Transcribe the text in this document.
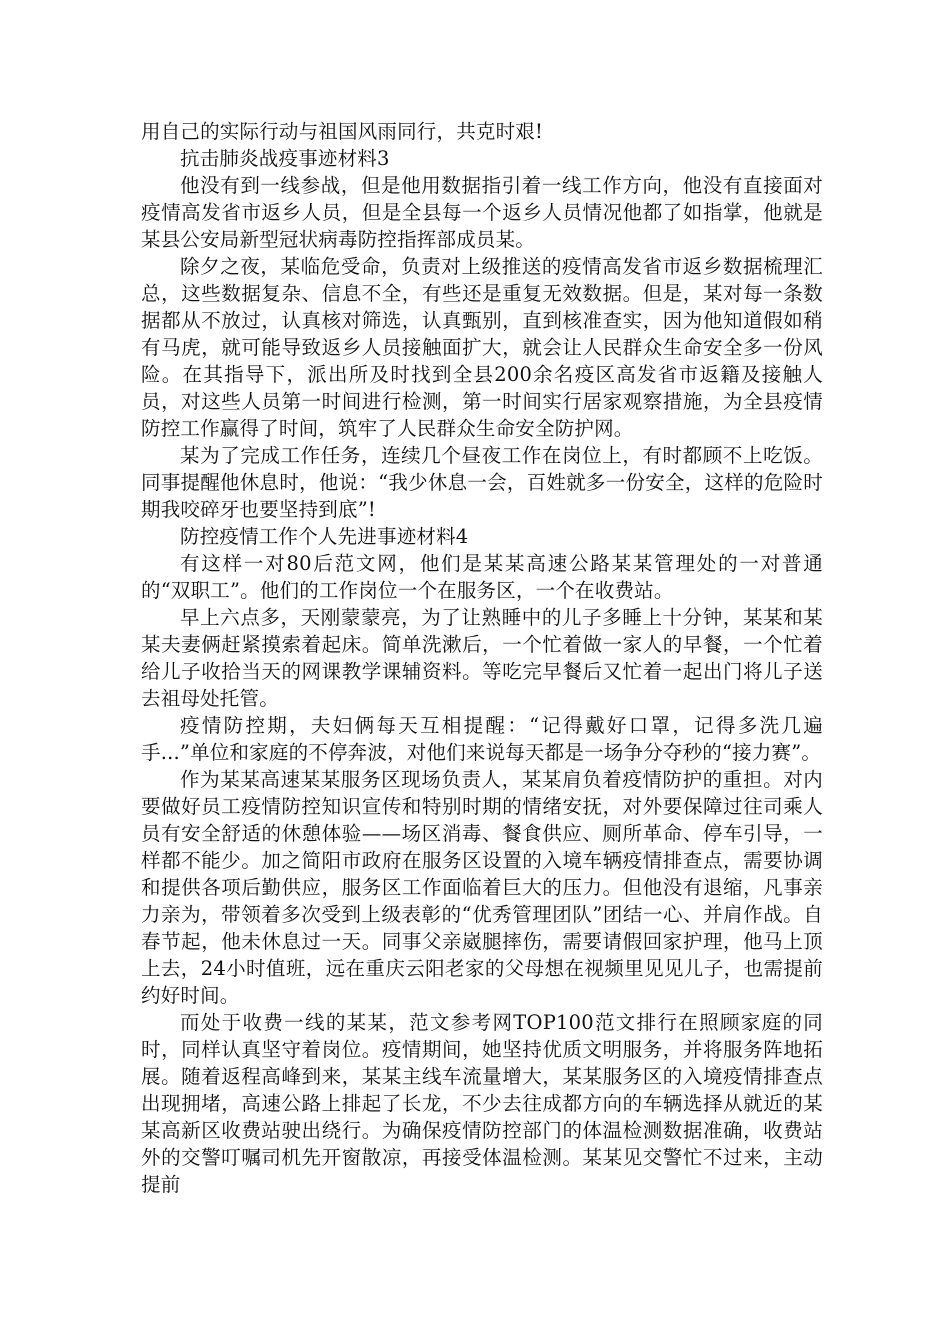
用自己的实际行动与祖国风雨同行，共克时艰!

抗击肺炎战疫事迹材料3

他没有到一线参战，但是他用数据指引着一线工作方向，他没有直接面对疫情高发省市返乡人员，但是全县每一个返乡人员情况他都了如指掌，他就是某县公安局新型冠状病毒防控指挥部成员某。

除夕之夜，某临危受命，负责对上级推送的疫情高发省市返乡数据梳理汇总，这些数据复杂、信息不全，有些还是重复无效数据。但是，某对每一条数据都从不放过，认真核对筛选，认真甄别，直到核准查实，因为他知道假如稍有马虎，就可能导致返乡人员接触面扩大，就会让人民群众生命安全多一份风险。在其指导下，派出所及时找到全县200余名疫区高发省市返籍及接触人员，对这些人员第一时间进行检测，第一时间实行居家观察措施，为全县疫情防控工作赢得了时间，筑牢了人民群众生命安全防护网。

某为了完成工作任务，连续几个昼夜工作在岗位上，有时都顾不上吃饭。同事提醒他休息时，他说：“我少休息一会，百姓就多一份安全，这样的危险时期我咬碎牙也要坚持到底”!

防控疫情工作个人先进事迹材料4

有这样一对80后范文网，他们是某某高速公路某某管理处的一对普通的“双职工”。他们的工作岗位一个在服务区，一个在收费站。

早上六点多，天刚蒙蒙亮，为了让熟睡中的儿子多睡上十分钟，某某和某某夫妻俩赶紧摸索着起床。简单洗漱后，一个忙着做一家人的早餐，一个忙着给儿子收拾当天的网课教学课辅资料。等吃完早餐后又忙着一起出门将儿子送去祖母处托管。

疫情防控期，夫妇俩每天互相提醒：“记得戴好口罩，记得多洗几遍手...”单位和家庭的不停奔波，对他们来说每天都是一场争分夺秒的“接力赛”。

作为某某高速某某服务区现场负责人，某某肩负着疫情防护的重担。对内要做好员工疫情防控知识宣传和特别时期的情绪安抚，对外要保障过往司乘人员有安全舒适的休憩体验——场区消毒、餐食供应、厕所革命、停车引导，一样都不能少。加之简阳市政府在服务区设置的入境车辆疫情排查点，需要协调和提供各项后勤供应，服务区工作面临着巨大的压力。但他没有退缩，凡事亲力亲为，带领着多次受到上级表彰的“优秀管理团队”团结一心、并肩作战。自春节起，他未休息过一天。同事父亲崴腿摔伤，需要请假回家护理，他马上顶上去，24小时值班，远在重庆云阳老家的父母想在视频里见见儿子，也需提前约好时间。

而处于收费一线的某某，范文参考网TOP100范文排行在照顾家庭的同时，同样认真坚守着岗位。疫情期间，她坚持优质文明服务，并将服务阵地拓展。随着返程高峰到来，某某主线车流量增大，某某服务区的入境疫情排查点出现拥堵，高速公路上排起了长龙，不少去往成都方向的车辆选择从就近的某某高新区收费站驶出绕行。为确保疫情防控部门的体温检测数据准确，收费站外的交警叮嘱司机先开窗散凉，再接受体温检测。某某见交警忙不过来，主动提前
